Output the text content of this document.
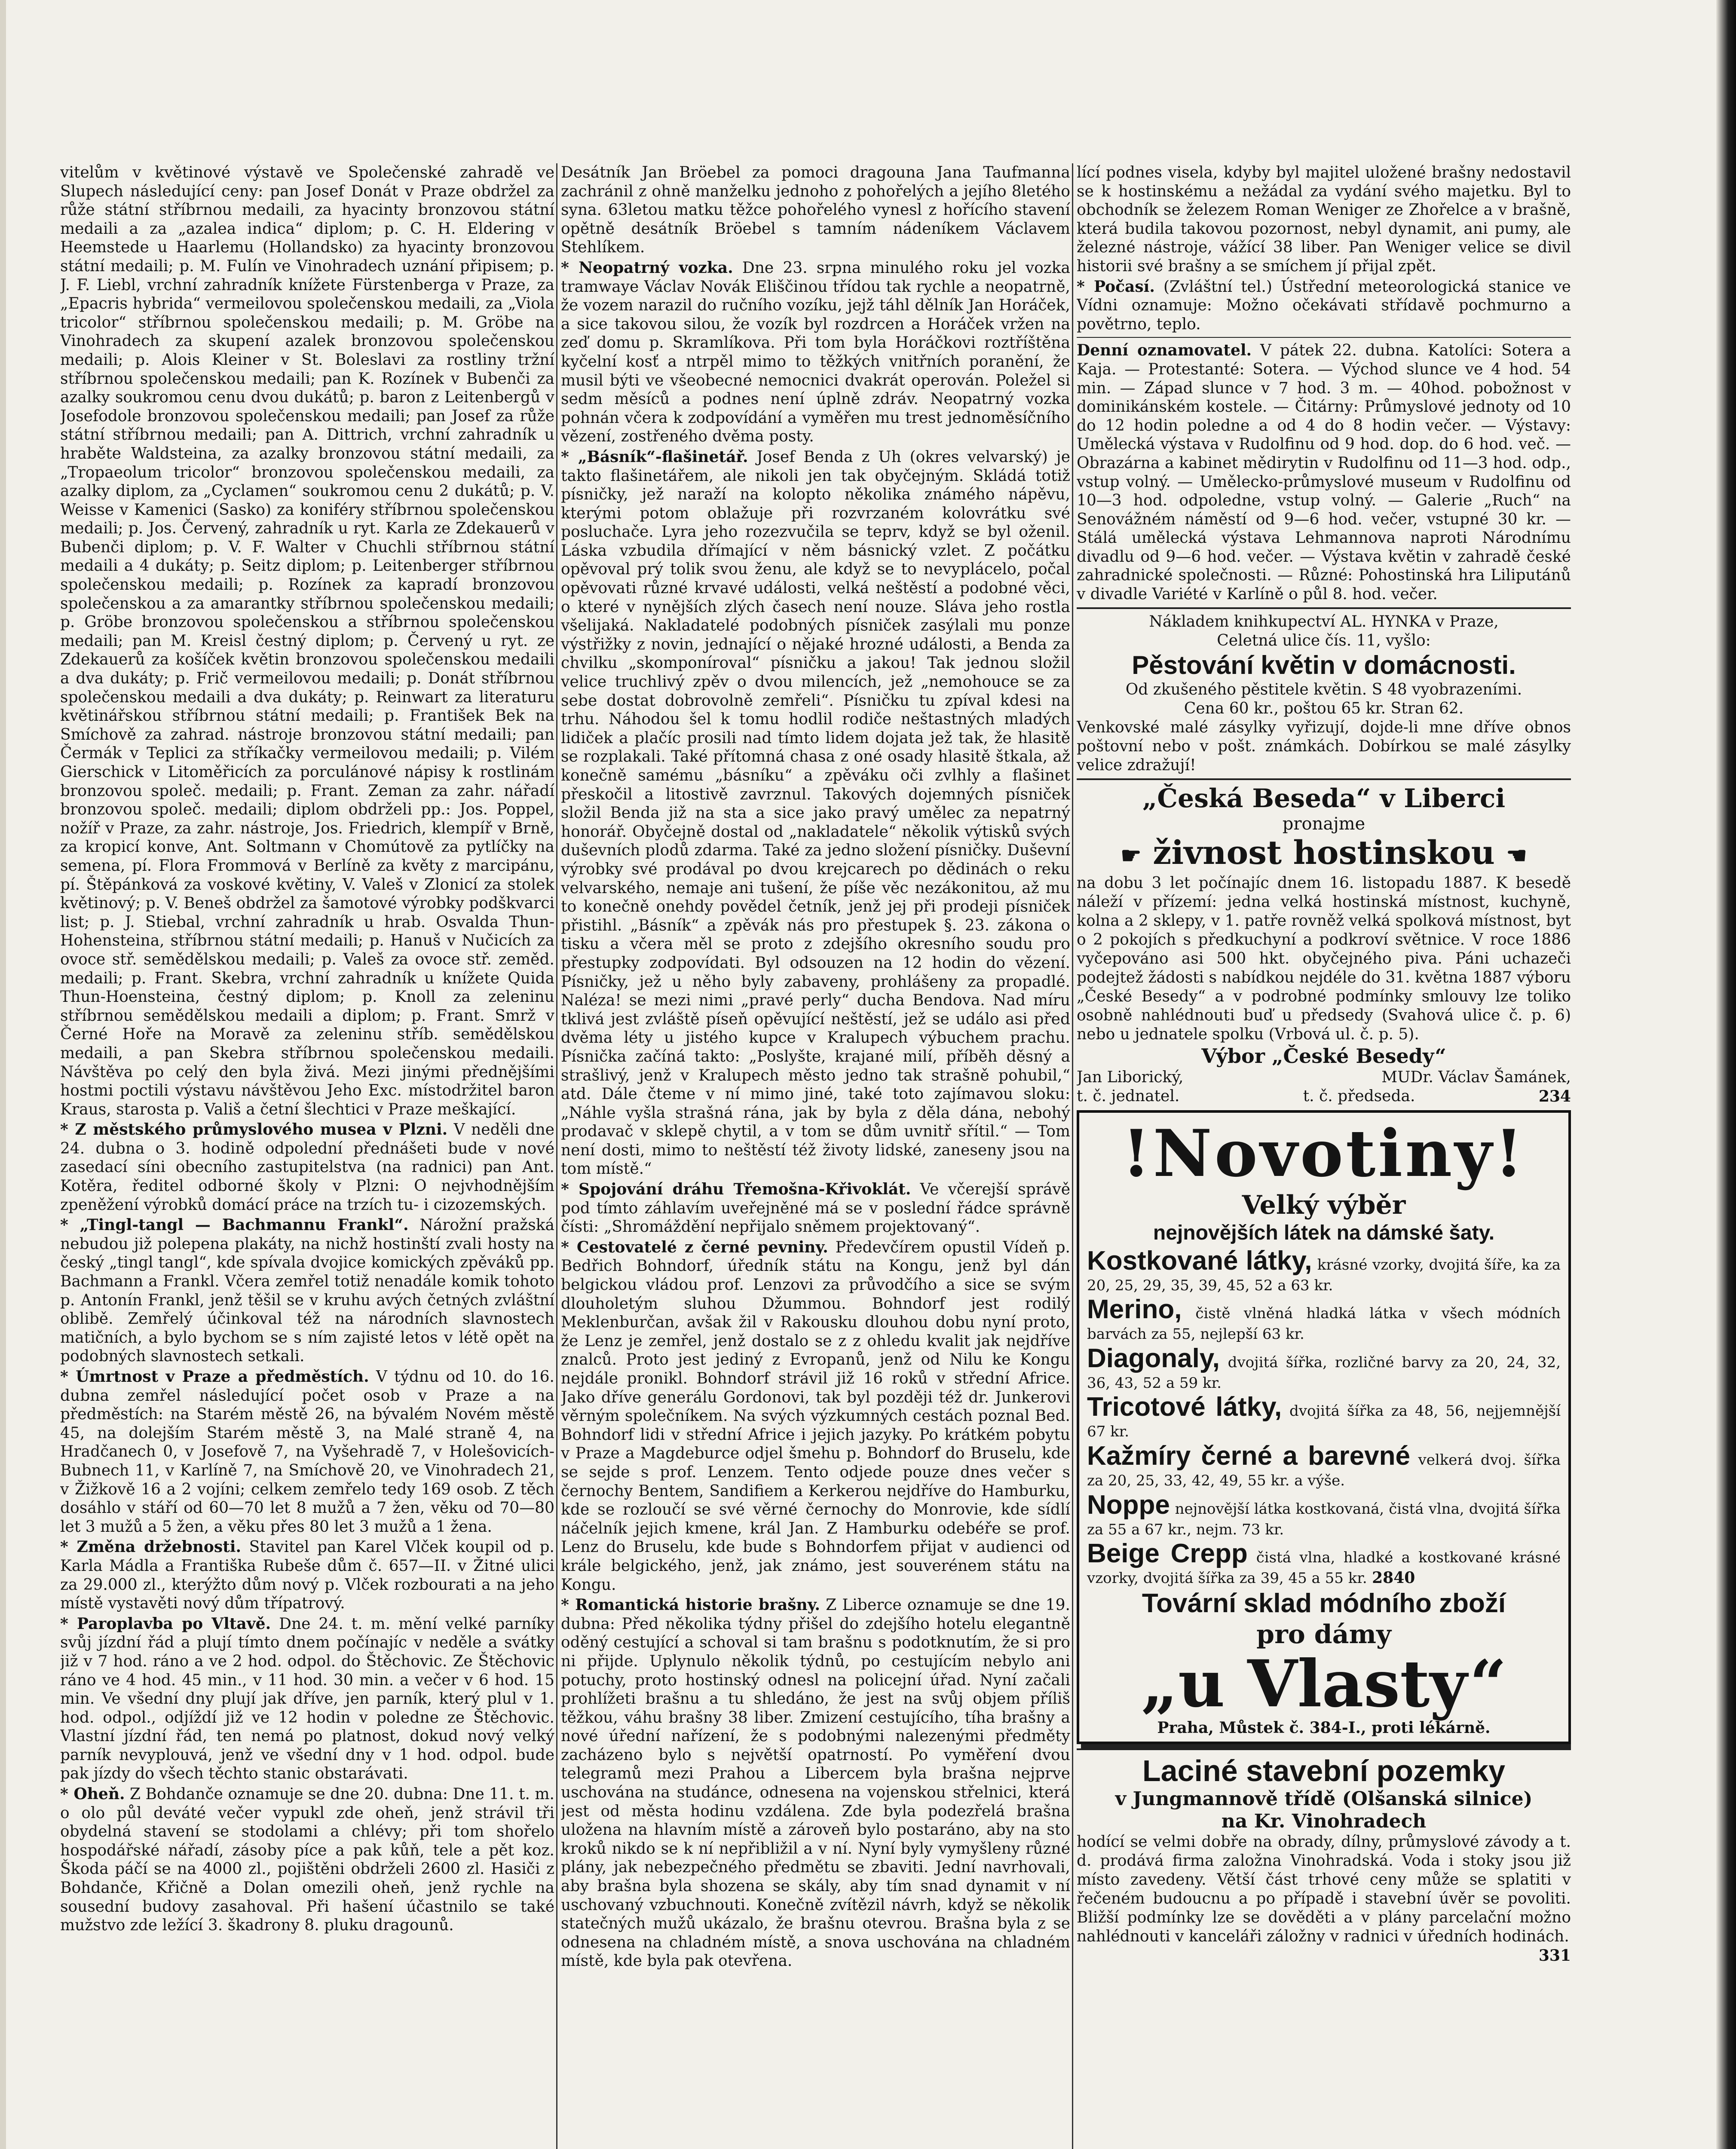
vitelům v květinové výstavě ve Společenské zahradě ve Slupech následující ceny: pan Josef Donát v Praze obdržel za růže státní stříbrnou medaili, za hyacinty bronzovou státní medaili a za „azalea indica“ diplom; p. C. H. Eldering v Heemstede u Haarlemu (Hollandsko) za hyacinty bronzovou státní medaili; p. M. Fulín ve Vinohradech uznání připisem; p. J. F. Liebl, vrchní zahradník knížete Fürstenberga v Praze, za „Epacris hybrida“ vermeilovou společenskou medaili, za „Viola tricolor“ stříbrnou společenskou medaili; p. M. Gröbe na Vinohradech za skupení azalek bronzovou společenskou medaili; p. Alois Kleiner v St. Boleslavi za rostliny tržní stříbrnou společenskou medaili; pan K. Rozínek v Bubenči za azalky soukromou cenu dvou dukátů; p. baron z Leitenbergů v Josefodole bronzovou společenskou medaili; pan Josef za růže státní stříbrnou medaili; pan A. Dittrich, vrchní zahradník u hraběte Waldsteina, za azalky bronzovou státní medaili, za „Tropaeolum tricolor“ bronzovou společenskou medaili, za azalky diplom, za „Cyclamen“ soukromou cenu 2 dukátů; p. V. Weisse v Kamenici (Sasko) za koniféry stříbrnou společenskou medaili; p. Jos. Červený, zahradník u ryt. Karla ze Zdekauerů v Bubenči diplom; p. V. F. Walter v Chuchli stříbrnou státní medaili a 4 dukáty; p. Seitz diplom; p. Leitenberger stříbrnou společenskou medaili; p. Rozínek za kapradí bronzovou společenskou a za amarantky stříbrnou společenskou medaili; p. Gröbe bronzovou společenskou a stříbrnou společenskou medaili; pan M. Kreisl čestný diplom; p. Červený u ryt. ze Zdekauerů za košíček květin bronzovou společenskou medaili a dva dukáty; p. Frič vermeilovou medaili; p. Donát stříbrnou společenskou medaili a dva dukáty; p. Reinwart za literaturu květinářskou stříbrnou státní medaili; p. František Bek na Smíchově za zahrad. nástroje bronzovou státní medaili; pan Čermák v Teplici za stříkačky vermeilovou medaili; p. Vilém Gierschick v Litoměřicích za porculánové nápisy k rostlinám bronzovou společ. medaili; p. Frant. Zeman za zahr. nářadí bronzovou společ. medaili; diplom obdrželi pp.: Jos. Poppel, nožíř v Praze, za zahr. nástroje, Jos. Friedrich, klempíř v Brně, za kropicí konve, Ant. Soltmann v Chomútově za pytlíčky na semena, pí. Flora Frommová v Berlíně za květy z marcipánu, pí. Štěpánková za voskové květiny, V. Valeš v Zlonicí za stolek květinový; p. V. Beneš obdržel za šamotové výrobky podškvarci list; p. J. Stiebal, vrchní zahradník u hrab. Osvalda Thun-Hohensteina, stříbrnou státní medaili; p. Hanuš v Nučicích za ovoce stř. semědělskou medaili; p. Valeš za ovoce stř. zeměd. medaili; p. Frant. Skebra, vrchní zahradník u knížete Quida Thun-Hoensteina, čestný diplom; p. Knoll za zeleninu stříbrnou semědělskou medaili a diplom; p. Frant. Smrž v Černé Hoře na Moravě za zeleninu stříb. semědělskou medaili, a pan Skebra stříbrnou společenskou medaili. Návštěva po celý den byla živá. Mezi jinými přednějšími hostmi poctili výstavu návštěvou Jeho Exc. místodržitel baron Kraus, starosta p. Vališ a četní šlechtici v Praze meškající.

* Z městského průmyslového musea v Plzni. V neděli dne 24. dubna o 3. hodině odpolední přednášeti bude v nové zasedací síni obecního zastupitelstva (na radnici) pan Ant. Kotěra, ředitel odborné školy v Plzni: O nejvhodnějším zpeněžení výrobků domácí práce na trzích tu- i cizozemských.

* „Tingl-tangl — Bachmannu Frankl“. Nárožní pražská nebudou již polepena plakáty, na nichž hostinští zvali hosty na český „tingl tangl“, kde spívala dvojice komických zpěváků pp. Bachmann a Frankl. Včera zemřel totiž nenadále komik tohoto p. Antonín Frankl, jenž těšil se v kruhu avých četných zvláštní oblibě. Zemřelý účinkoval též na národních slavnostech matičních, a bylo bychom se s ním zajisté letos v létě opět na podobných slavnostech setkali.

* Úmrtnost v Praze a předměstích. V týdnu od 10. do 16. dubna zemřel následující počet osob v Praze a na předměstích: na Starém městě 26, na bývalém Novém městě 45, na dolejším Starém městě 3, na Malé straně 4, na Hradčanech 0, v Josefově 7, na Vyšehradě 7, v Holešovicích-Bubnech 11, v Karlíně 7, na Smíchově 20, ve Vinohradech 21, v Žižkově 16 a 2 vojíni; celkem zemřelo tedy 169 osob. Z těch dosáhlo v stáří od 60—70 let 8 mužů a 7 žen, věku od 70—80 let 3 mužů a 5 žen, a věku přes 80 let 3 mužů a 1 žena.

* Změna držebnosti. Stavitel pan Karel Vlček koupil od p. Karla Mádla a Františka Rubeše dům č. 657—II. v Žitné ulici za 29.000 zl., kterýžto dům nový p. Vlček rozbourati a na jeho místě vystavěti nový dům třípatrový.

* Paroplavba po Vltavě. Dne 24. t. m. mění velké parníky svůj jízdní řád a plují tímto dnem počínajíc v neděle a svátky již v 7 hod. ráno a ve 2 hod. odpol. do Štěchovic. Ze Štěchovic ráno ve 4 hod. 45 min., v 11 hod. 30 min. a večer v 6 hod. 15 min. Ve všední dny plují jak dříve, jen parník, který plul v 1. hod. odpol., odjíždí již ve 12 hodin v poledne ze Štěchovic. Vlastní jízdní řád, ten nemá po platnost, dokud nový velký parník nevyplouvá, jenž ve všední dny v 1 hod. odpol. bude pak jízdy do všech těchto stanic obstarávati.

* Oheň. Z Bohdanče oznamuje se dne 20. dubna: Dne 11. t. m. o olo půl deváté večer vypukl zde oheň, jenž strávil tři obydelná stavení se stodolami a chlévy; při tom shořelo hospodářské nářadí, zásoby píce a pak kůň, tele a pět koz. Škoda páčí se na 4000 zl., pojištěni obdrželi 2600 zl. Hasiči z Bohdanče, Křičně a Dolan omezili oheň, jenž rychle na sousední budovy zasahoval. Při hašení účastnilo se také mužstvo zde ležící 3. škadrony 8. pluku dragounů.

Desátník Jan Bröebel za pomoci dragouna Jana Taufmanna zachránil z ohně manželku jednoho z pohořelých a jejího 8letého syna. 63letou matku těžce pohořelého vynesl z hořícího stavení opětně desátník Bröebel s tamním nádeníkem Václavem Stehlíkem.

* Neopatrný vozka. Dne 23. srpna minulého roku jel vozka tramwaye Václav Novák Eliščinou třídou tak rychle a neopatrně, že vozem narazil do ručního vozíku, jejž táhl dělník Jan Horáček, a sice takovou silou, že vozík byl rozdrcen a Horáček vržen na zeď domu p. Skramlíkova. Při tom byla Horáčkovi roztříštěna kyčelní kosť a ntrpěl mimo to těžkých vnitřních poranění, že musil býti ve všeobecné nemocnici dvakrát operován. Poležel si sedm měsíců a podnes není úplně zdráv. Neopatrný vozka pohnán včera k zodpovídání a vyměřen mu trest jednoměsíčního vězení, zostřeného dvěma posty.

* „Básník“-flašinetář. Josef Benda z Uh (okres velvarský) je takto flašinetářem, ale nikoli jen tak obyčejným. Skládá totiž písničky, jež naraží na kolopto několika známého nápěvu, kterými potom oblažuje při rozvrzaném kolovrátku své posluchače. Lyra jeho rozezvučila se teprv, když se byl oženil. Láska vzbudila dřímající v něm básnický vzlet. Z počátku opěvoval prý tolik svou ženu, ale když se to nevyplácelo, počal opěvovati různé krvavé události, velká neštěstí a podobné věci, o které v nynějších zlých časech není nouze. Sláva jeho rostla všelijaká. Nakladatelé podobných písniček zasýlali mu ponze výstřižky z novin, jednající o nějaké hrozné události, a Benda za chvilku „skomponíroval“ písničku a jakou! Tak jednou složil velice truchlivý zpěv o dvou milencích, jež „nemohouce se za sebe dostat dobrovolně zemřeli“. Písničku tu zpíval kdesi na trhu. Náhodou šel k tomu hodlil rodiče neštastných mladých lidiček a plačíc prosili nad tímto lidem dojata jež tak, že hlasitě se rozplakali. Také přítomná chasa z oné osady hlasitě štkala, až konečně samému „básníku“ a zpěváku oči zvlhly a flašinet přeskočil a litostivě zavrznul. Takových dojemných písniček složil Benda již na sta a sice jako pravý umělec za nepatrný honorář. Obyčejně dostal od „nakladatele“ několik výtisků svých duševních plodů zdarma. Také za jedno složení písničky. Duševní výrobky své prodával po dvou krejcarech po dědinách o reku velvarského, nemaje ani tušení, že píše věc nezákonitou, až mu to konečně onehdy povědel četník, jenž jej při prodeji písniček přistihl. „Básník“ a zpěvák nás pro přestupek §. 23. zákona o tisku a včera měl se proto z zdejšího okresního soudu pro přestupky zodpovídati. Byl odsouzen na 12 hodin do vězení. Písničky, jež u něho byly zabaveny, prohlášeny za propadlé. Naléza! se mezi nimi „pravé perly“ ducha Bendova. Nad míru tklivá jest zvláště píseň opěvující neštěstí, jež se událo asi před dvěma léty u jistého kupce v Kralupech výbuchem prachu. Písnička začíná takto: „Poslyšte, krajané milí, příběh děsný a strašlivý, jenž v Kralupech město jedno tak strašně pohubil,“ atd. Dále čteme v ní mimo jiné, také toto zajímavou sloku: „Náhle vyšla strašná rána, jak by byla z děla dána, nebohý prodavač v sklepě chytil, a v tom se dům uvnitř sřítil.“ — Tom není dosti, mimo to neštěstí též životy lidské, zaneseny jsou na tom místě.“

* Spojování dráhu Třemošna-Křivoklát. Ve včerejší správě pod tímto záhlavím uveřejněné má se v poslední řádce správně čísti: „Shromáždění nepřijalo sněmem projektovaný“.

* Cestovatelé z černé pevniny. Předevčírem opustil Vídeň p. Bedřich Bohndorf, úředník státu na Kongu, jenž byl dán belgickou vládou prof. Lenzovi za průvodčího a sice se svým dlouholetým sluhou Džummou. Bohndorf jest rodilý Meklenburčan, avšak žil v Rakousku dlouhou dobu nyní proto, že Lenz je zemřel, jenž dostalo se z z ohledu kvalit jak nejdříve znalců. Proto jest jediný z Evropanů, jenž od Nilu ke Kongu nejdále pronikl. Bohndorf strávil již 16 roků v střední Africe. Jako dříve generálu Gordonovi, tak byl později též dr. Junkerovi věrným společníkem. Na svých výzkumných cestách poznal Bed. Bohndorf lidi v střední Africe i jejich jazyky. Po krátkém pobytu v Praze a Magdeburce odjel šmehu p. Bohndorf do Bruselu, kde se sejde s prof. Lenzem. Tento odjede pouze dnes večer s černochy Bentem, Sandifiem a Kerkerou nejdříve do Hamburku, kde se rozloučí se své věrné černochy do Monrovie, kde sídlí náčelník jejich kmene, král Jan. Z Hamburku odebéře se prof. Lenz do Bruselu, kde bude s Bohndorfem přijat v audienci od krále belgického, jenž, jak známo, jest souverénem státu na Kongu.

* Romantická historie brašny. Z Liberce oznamuje se dne 19. dubna: Před několika týdny přišel do zdejšího hotelu elegantně oděný cestující a schoval si tam brašnu s podotknutím, že si pro ni přijde. Uplynulo několik týdnů, po cestujícím nebylo ani potuchy, proto hostinský odnesl na policejní úřad. Nyní začali prohlížeti brašnu a tu shledáno, že jest na svůj objem příliš těžkou, váhu brašny 38 liber. Zmizení cestujícího, tíha brašny a nové úřední nařízení, že s podobnými nalezenými předměty zacházeno bylo s největší opatrností. Po vyměření dvou telegramů mezi Prahou a Libercem byla brašna nejprve uschována na studánce, odnesena na vojenskou střelnici, která jest od města hodinu vzdálena. Zde byla podezřelá brašna uložena na hlavním místě a zároveň bylo postaráno, aby na sto kroků nikdo se k ní nepřibližil a v ní. Nyní byly vymyšleny různé plány, jak nebezpečného předmětu se zbaviti. Jední navrhovali, aby brašna byla shozena se skály, aby tím snad dynamit v ní uschovaný vzbuchnouti. Konečně zvítězil návrh, když se několik statečných mužů ukázalo, že brašnu otevrou. Brašna byla z se odnesena na chladném místě, a snova uschována na chladném místě, kde byla pak otevřena.

lící podnes visela, kdyby byl majitel uložené brašny nedostavil se k hostinskému a nežádal za vydání svého majetku. Byl to obchodník se železem Roman Weniger ze Zhořelce a v brašně, která budila takovou pozornost, nebyl dynamit, ani pumy, ale železné nástroje, vážící 38 liber. Pan Weniger velice se divil historii své brašny a se smíchem jí přijal zpět.

* Počasí. (Zvláštní tel.) Ústřední meteorologická stanice ve Vídni oznamuje: Možno očekávati střídavě pochmurno a povětrno, teplo.

Denní oznamovatel. V pátek 22. dubna. Katolíci: Sotera a Kaja. — Protestanté: Sotera. — Východ slunce ve 4 hod. 54 min. — Západ slunce v 7 hod. 3 m. — 40hod. pobožnost v dominikánském kostele. — Čitárny: Průmyslové jednoty od 10 do 12 hodin poledne a od 4 do 8 hodin večer. — Výstavy: Umělecká výstava v Rudolfinu od 9 hod. dop. do 6 hod. več. — Obrazárna a kabinet mědirytin v Rudolfinu od 11—3 hod. odp., vstup volný. — Umělecko-průmyslové museum v Rudolfinu od 10—3 hod. odpoledne, vstup volný. — Galerie „Ruch“ na Senovážném náměstí od 9—6 hod. večer, vstupné 30 kr. — Stálá umělecká výstava Lehmannova naproti Národnímu divadlu od 9—6 hod. večer. — Výstava květin v zahradě české zahradnické společnosti. — Různé: Pohostinská hra Liliputánů v divadle Variété v Karlíně o půl 8. hod. večer.

Nákladem knihkupectví AL. HYNKA v Praze,
Celetná ulice čís. 11, vyšlo:
Pěstování květin v domácnosti.
Od zkušeného pěstitele květin. S 48 vyobrazeními.
Cena 60 kr., poštou 65 kr. Stran 62.
Venkovské malé zásylky vyřizují, dojde-li mne dříve obnos poštovní nebo v pošt. známkách. Dobírkou se malé zásylky velice zdražují!
„Česká Beseda“ v Liberci
pronajme
☛ živnost hostinskou ☚
na dobu 3 let počínajíc dnem 16. listopadu 1887. K besedě náleží v přízemí: jedna velká hostinská místnost, kuchyně, kolna a 2 sklepy, v 1. patře rovněž velká spolková místnost, byt o 2 pokojích s předkuchyní a podkroví světnice. V roce 1886 vyčepováno asi 500 hkt. obyčejného piva. Páni uchazeči podejtež žádosti s nabídkou nejdéle do 31. května 1887 výboru „České Besedy“ a v podrobné podmínky smlouvy lze toliko osobně nahlédnouti buď u předsedy (Svahová ulice č. p. 6) nebo u jednatele spolku (Vrbová ul. č. p. 5).
Výbor „České Besedy“
Jan Liborický,	MUDr. Václav Šamánek,
t. č. jednatel.	t. č. předseda.	234
!Novotiny!
Velký výběr
nejnovějších látek na dámské šaty.
Kostkované látky, krásné vzorky, dvojitá šíře, ka za 20, 25, 29, 35, 39, 45, 52 a 63 kr.
Merino, čistě vlněná hladká látka v všech módních barvách za 55, nejlepší 63 kr.
Diagonaly, dvojitá šířka, rozličné barvy za 20, 24, 32, 36, 43, 52 a 59 kr.
Tricotové látky, dvojitá šířka za 48, 56, nejjemnější 67 kr.
Kažmíry černé a barevné velkerá dvoj. šířka za 20, 25, 33, 42, 49, 55 kr. a výše.
Noppe nejnovější látka kostkovaná, čistá vlna, dvojitá šířka za 55 a 67 kr., nejm. 73 kr.
Beige Crepp čistá vlna, hladké a kostkované krásné vzorky, dvojitá šířka za 39, 45 a 55 kr. 2840
Tovární sklad módního zboží
pro dámy
„u Vlasty“
Praha, Můstek č. 384-I., proti lékárně.
Laciné stavební pozemky
v Jungmannově třídě (Olšanská silnice)
na Kr. Vinohradech
hodící se velmi dobře na obrady, dílny, průmyslové závody a t. d. prodává firma založna Vinohradská. Voda i stoky jsou již místo zavedeny. Větší část trhové ceny může se splatiti v řečeném budoucnu a po případě i stavební úvěr se povoliti. Bližší podmínky lze se dověděti a v plány parcelační možno nahlédnouti v kanceláři záložny v radnici v úředních hodinách.
331
